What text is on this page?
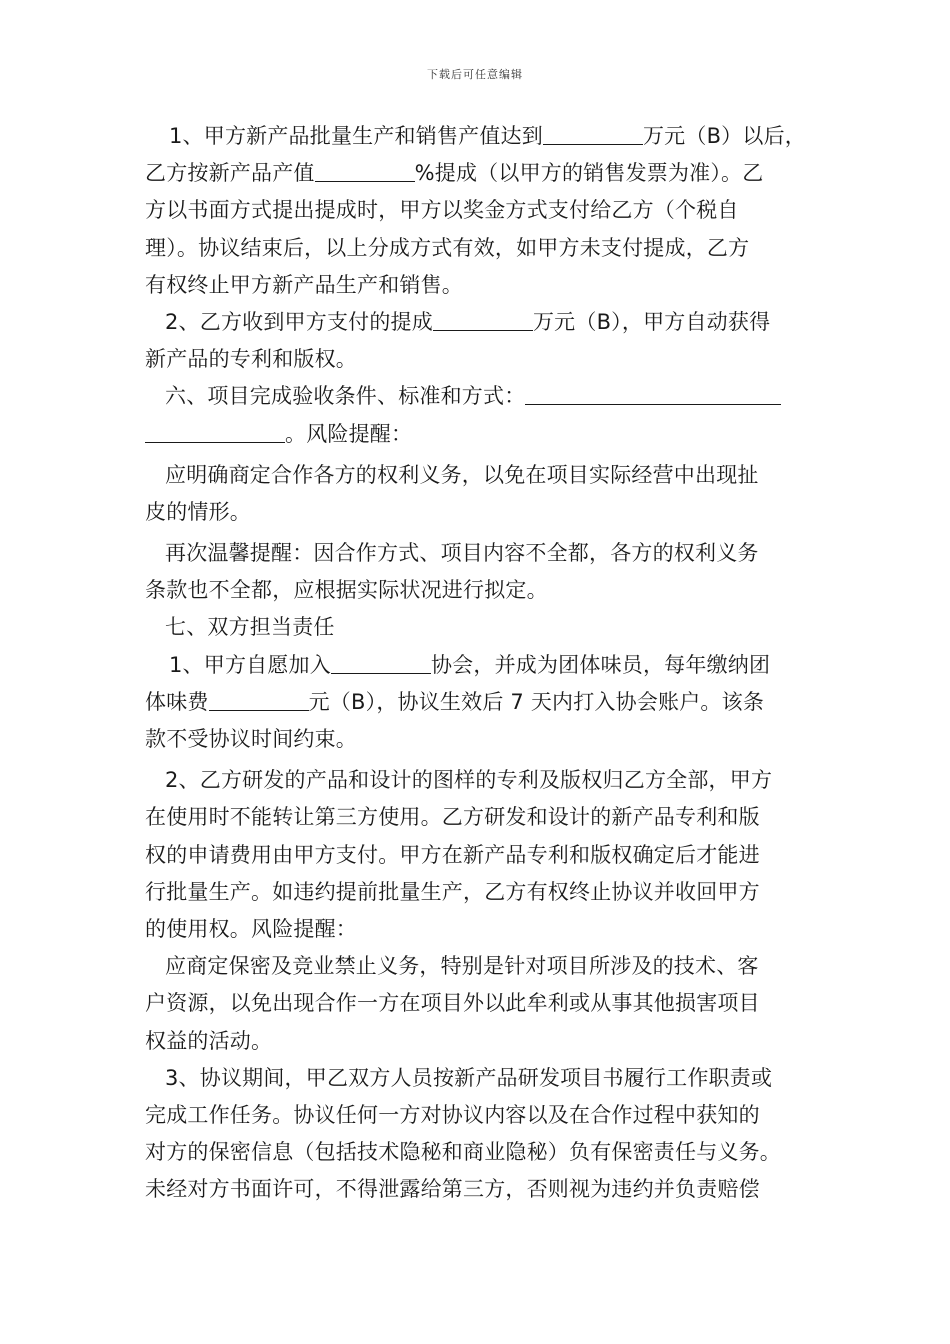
下载后可任意编辑
1、甲方新产品批量生产和销售产值达到	万元（B）以后，
乙方按新产品产值	%提成（以甲方的销售发票为准）。乙
方以书面方式提出提成时，甲方以奖金方式支付给乙方（个税自
理）。协议结束后，以上分成方式有效，如甲方未支付提成，乙方
有权终止甲方新产品生产和销售。
2、乙方收到甲方支付的提成	万元（B），甲方自动获得
新产品的专利和版权。
六、项目完成验收条件、标准和方式：
。风险提醒：
应明确商定合作各方的权利义务，以免在项目实际经营中出现扯
皮的情形。
再次温馨提醒：因合作方式、项目内容不全都，各方的权利义务
条款也不全都，应根据实际状况进行拟定。
七、双方担当责任
1、甲方自愿加入	协会，并成为团体味员，每年缴纳团
体味费	元（B），协议生效后 7 天内打入协会账户。该条
款不受协议时间约束。
2、乙方研发的产品和设计的图样的专利及版权归乙方全部，甲方
在使用时不能转让第三方使用。乙方研发和设计的新产品专利和版
权的申请费用由甲方支付。甲方在新产品专利和版权确定后才能进
行批量生产。如违约提前批量生产，乙方有权终止协议并收回甲方
的使用权。风险提醒：
应商定保密及竞业禁止义务，特别是针对项目所涉及的技术、客
户资源，以免出现合作一方在项目外以此牟利或从事其他损害项目
权益的活动。
3、协议期间，甲乙双方人员按新产品研发项目书履行工作职责或
完成工作任务。协议任何一方对协议内容以及在合作过程中获知的
对方的保密信息（包括技术隐秘和商业隐秘）负有保密责任与义务。
未经对方书面许可，不得泄露给第三方，否则视为违约并负责赔偿
